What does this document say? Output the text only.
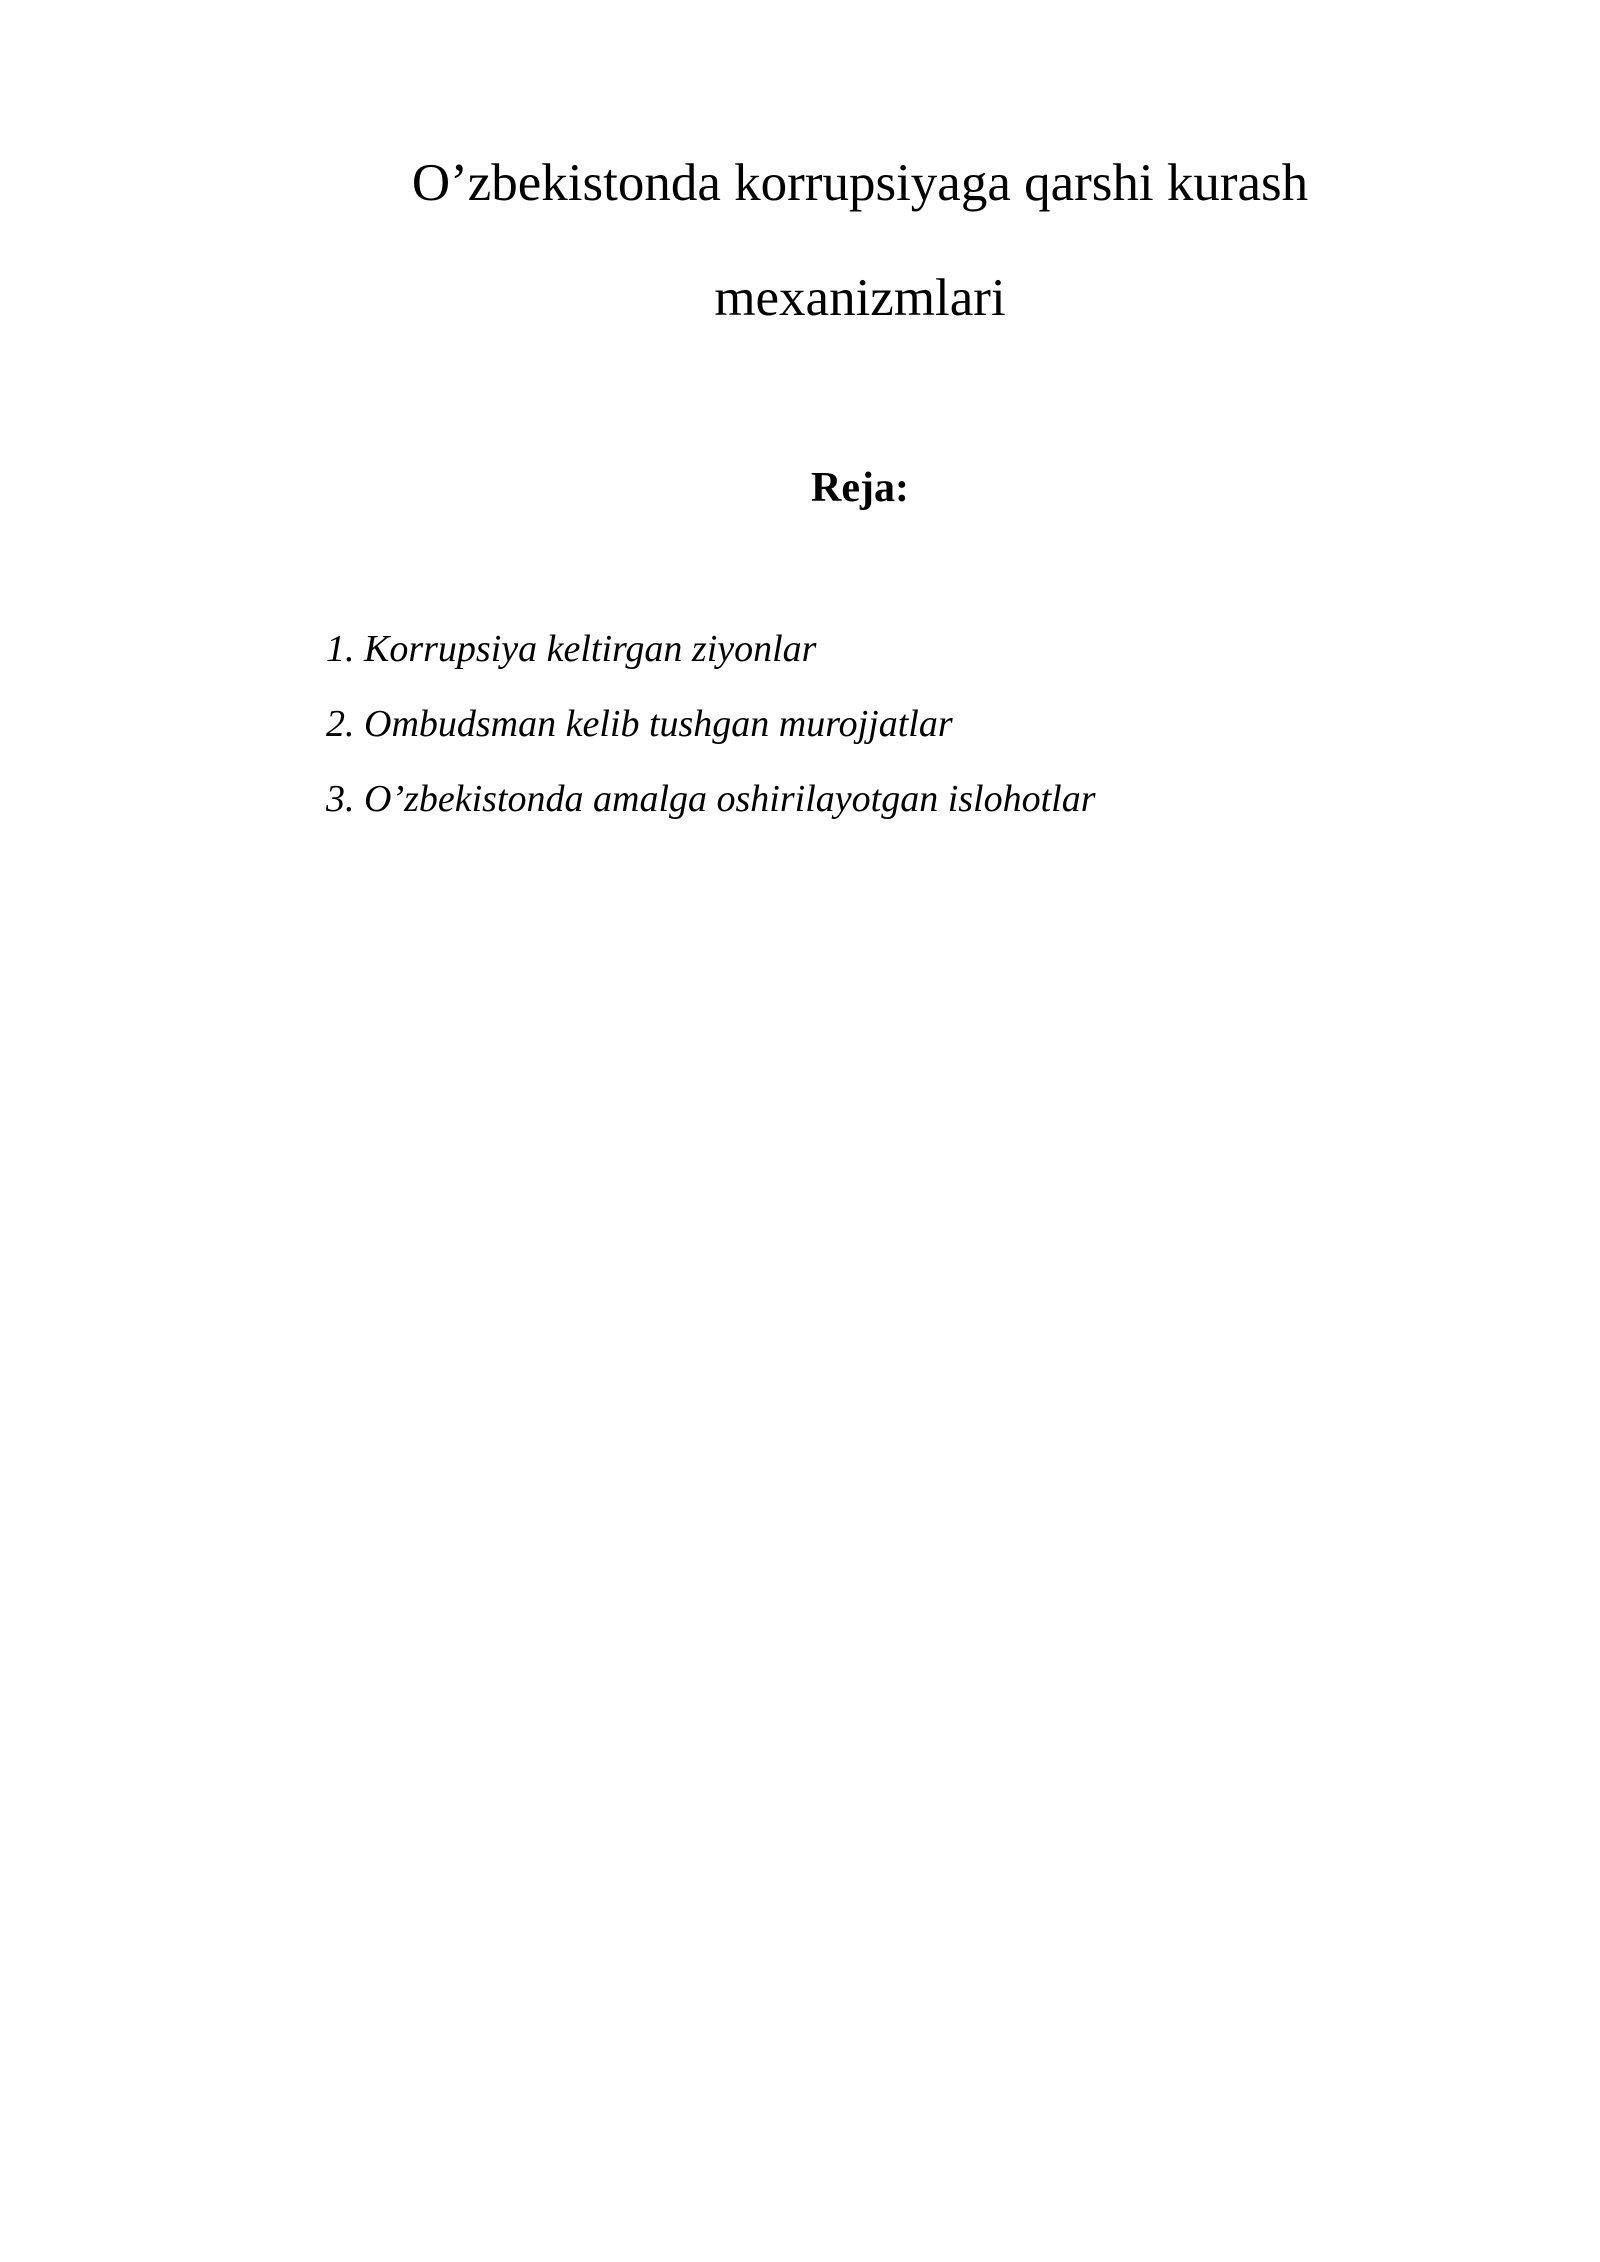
O’zbekistonda korrupsiyaga qarshi kurash

mexanizmlari

Reja:

1. Korrupsiya keltirgan ziyonlar
2. Ombudsman kelib tushgan murojjatlar
3. O’zbekistonda amalga oshirilayotgan islohotlar
